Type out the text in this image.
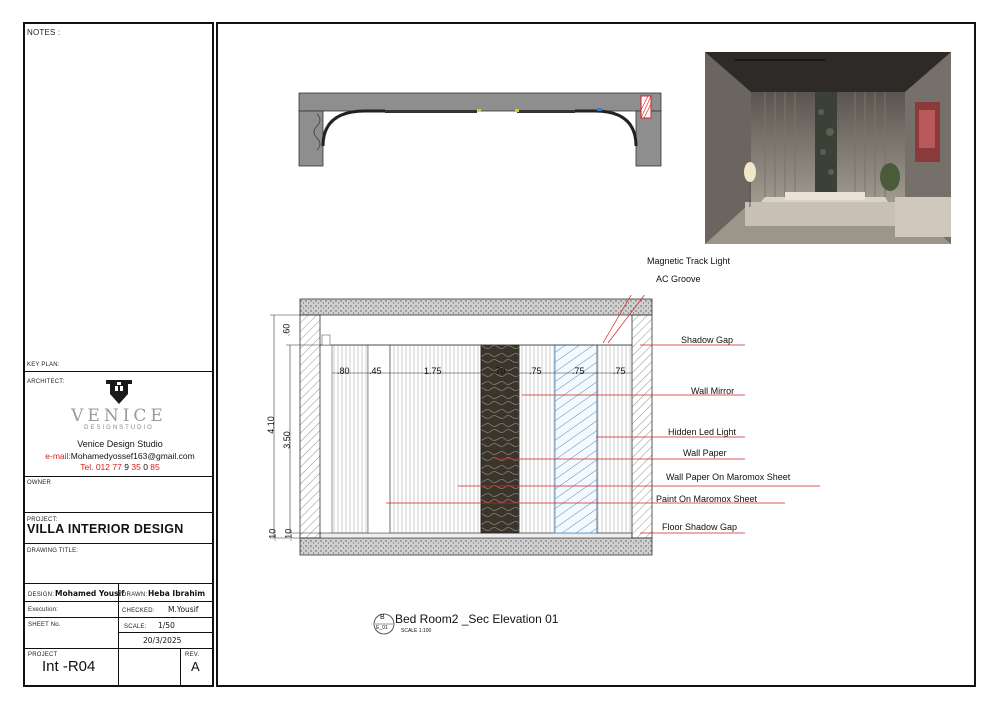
NOTES :
KEY PLAN:
ARCHITECT:
VENICE
DESIGNSTUDIO
Venice Design Studio
e-mail:Mohamedyossef163@gmail.com
Tel. 012 77 9 35 0 85
OWNER
PROJECT:
VILLA INTERIOR DESIGN
DRAWING TITLE:
DESIGN: Mohamed Yousif
DRAWN: Heba Ibrahim
Execution:	CHECKED: M.Yousif
SHEET No.	SCALE: 1/50
20/3/2025
PROJECT
Int -R04
REV.
A
.80 .45	1.75	.70	.75	.75	.75
4.10
3.50
.60
.10 .10
Magnetic Track Light
AC Groove
Shadow Gap
Wall Mirror
Hidden Led Light
Wall Paper
Wall Paper On Maromox Sheet
Paint On Maromox Sheet
Floor Shadow Gap
B
E_01
Bed Room2 _Sec Elevation 01
SCALE 1:100
